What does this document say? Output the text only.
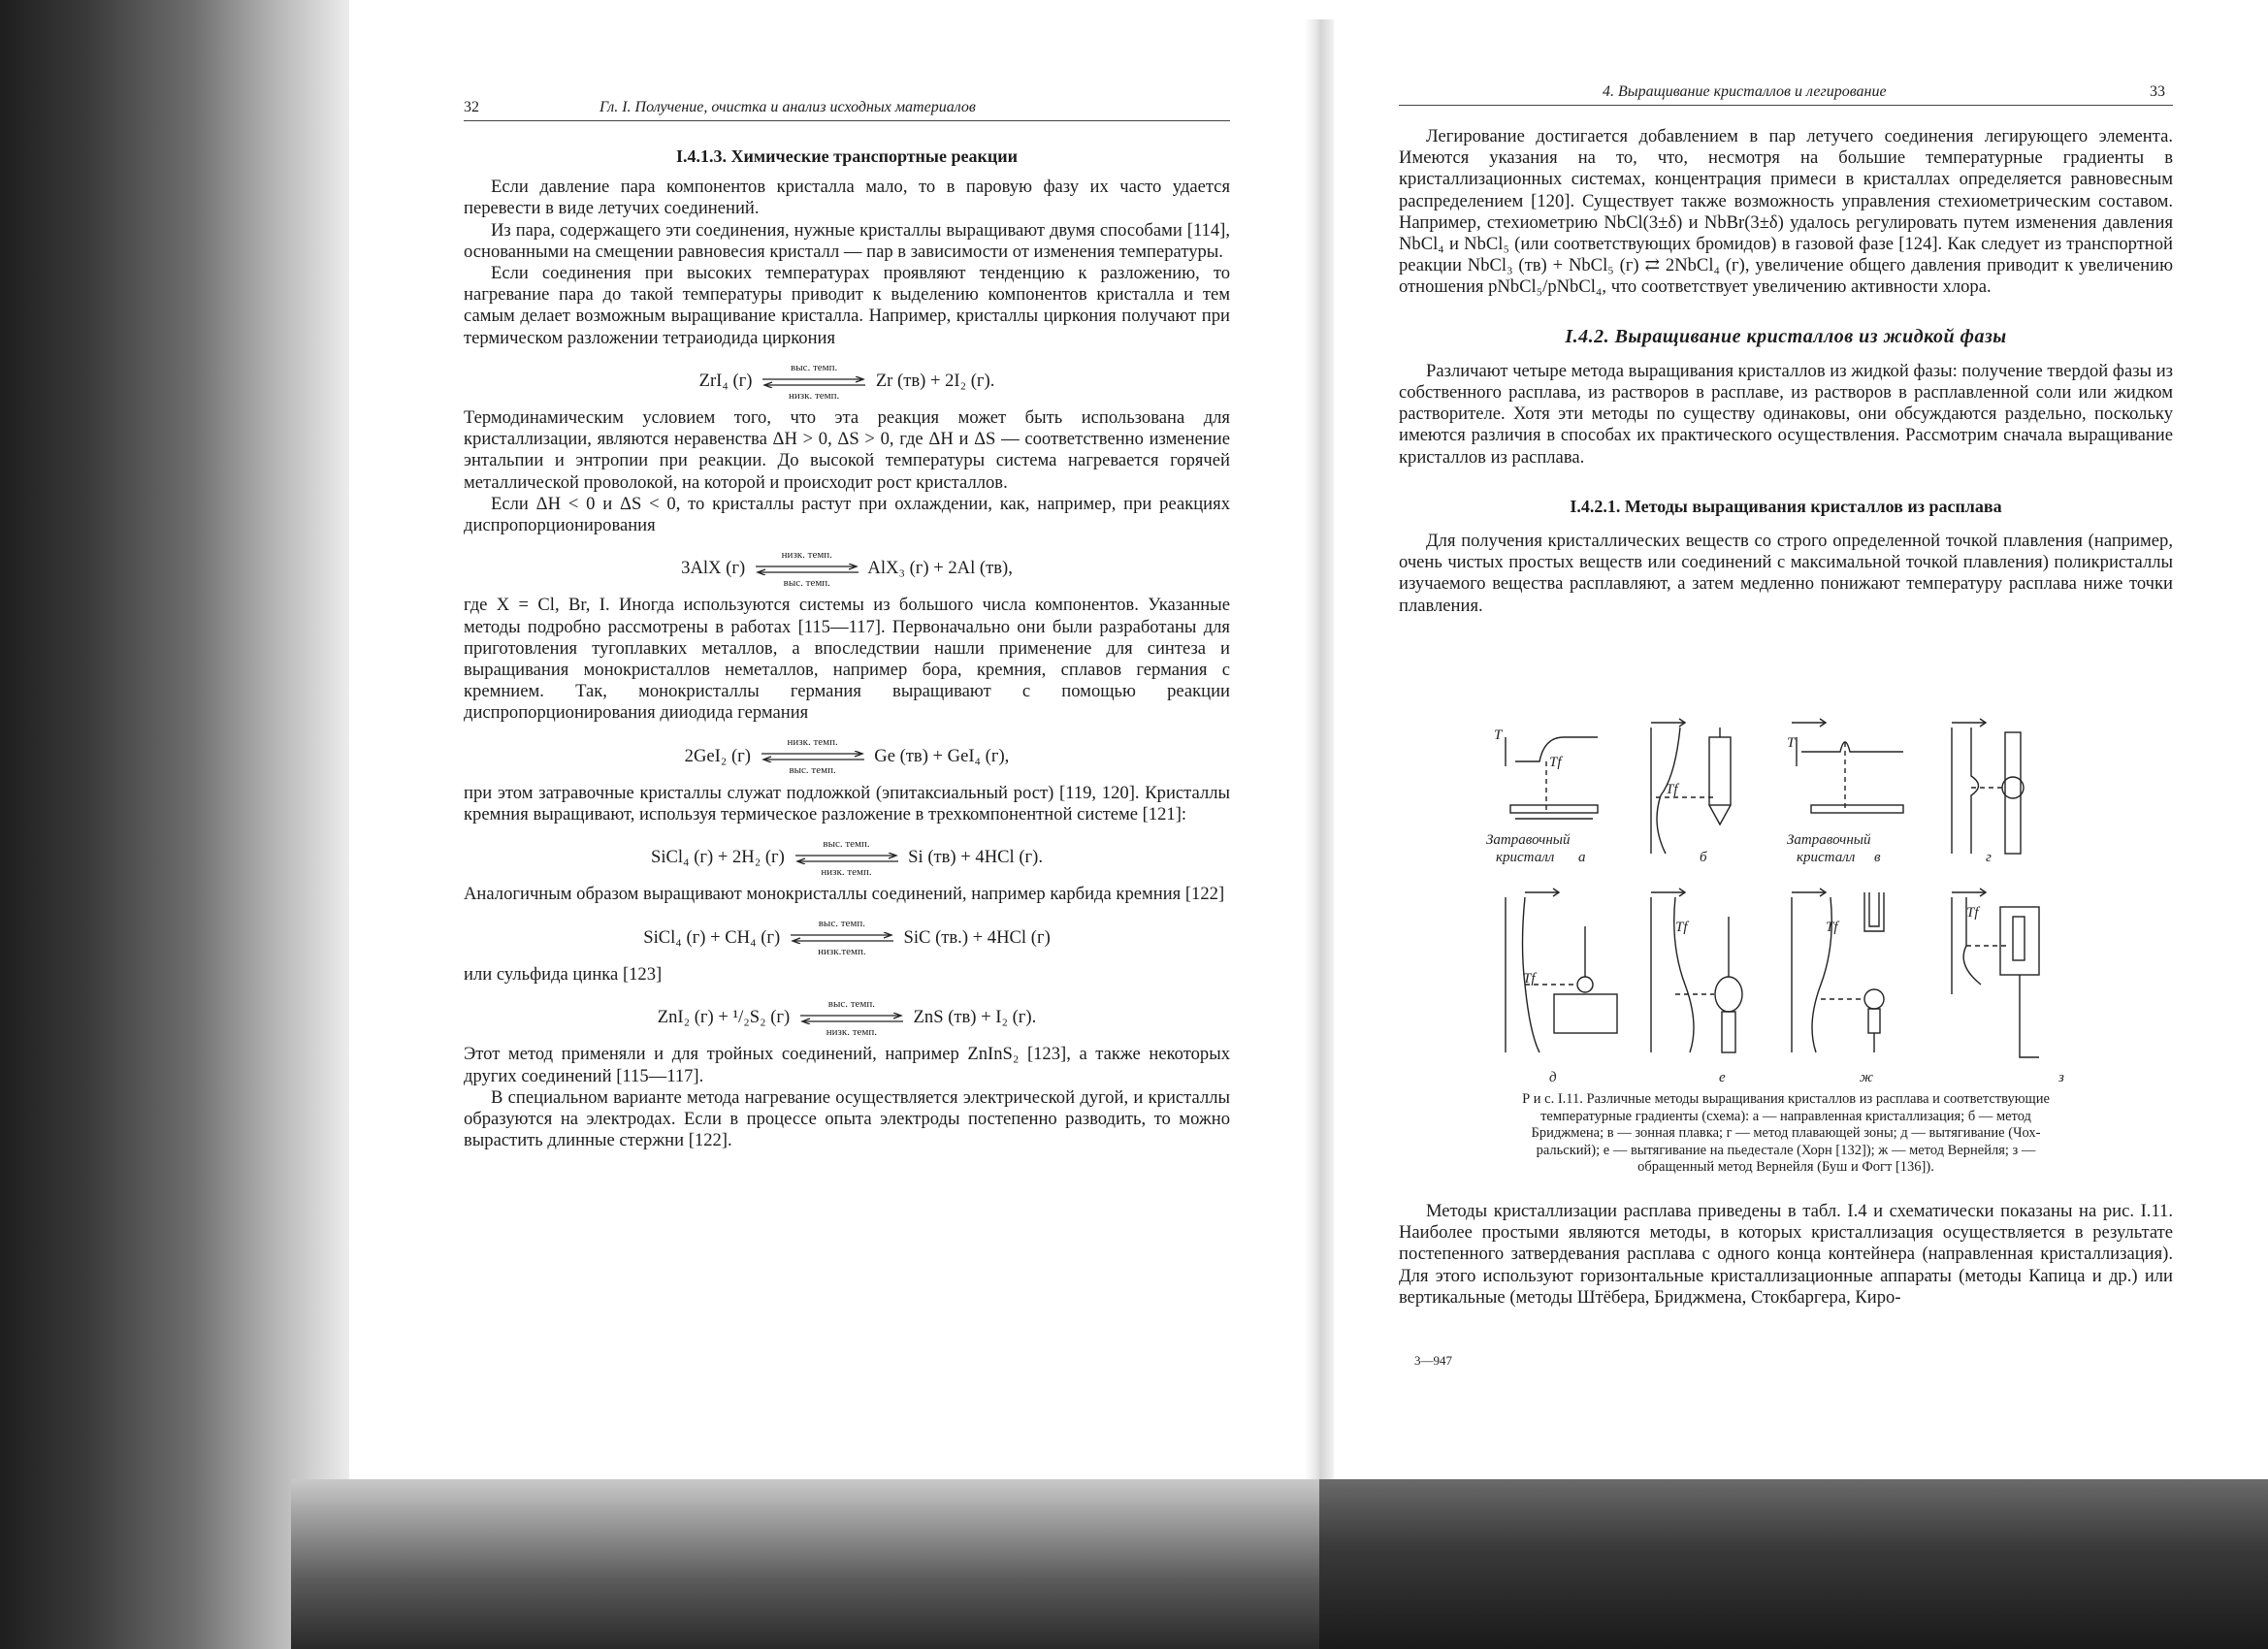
32	Гл. I. Получение, очистка и анализ исходных материалов
I.4.1.3. Химические транспортные реакции

Если давление пара компонентов кристалла мало, то в паровую фазу их часто удается перевести в виде летучих соединений.

Из пара, содержащего эти соединения, нужные кристаллы выращивают двумя способами [114], основанными на смещении равновесия кристалл — пар в зависимости от изменения температуры.

Если соединения при высоких температурах проявляют тенденцию к разложению, то нагревание пара до такой температуры приводит к выделению компонентов кристалла и тем самым делает возможным выращивание кристалла. Например, кристаллы циркония получают при термическом разложении тетраиодида циркония

ZrI₄ (г)
выс. темп.
низк. темп.
Zr (тв) + 2I₂ (г).

Термодинамическим условием того, что эта реакция может быть использована для кристаллизации, являются неравенства ΔH > 0, ΔS > 0, где ΔH и ΔS — соответственно изменение энтальпии и энтропии при реакции. До высокой температуры система нагревается горячей металлической проволокой, на которой и происходит рост кристаллов.

Если ΔH < 0 и ΔS < 0, то кристаллы растут при охлаждении, как, например, при реакциях диспропорционирования

3AlX (г)
низк. темп.
выс. темп.
AlX₃ (г) + 2Al (тв),

где X = Cl, Br, I. Иногда используются системы из большого числа компонентов. Указанные методы подробно рассмотрены в работах [115—117]. Первоначально они были разработаны для приготовления тугоплавких металлов, а впоследствии нашли применение для синтеза и выращивания монокристаллов неметаллов, например бора, кремния, сплавов германия с кремнием. Так, монокристаллы германия выращивают с помощью реакции диспропорционирования дииодида германия

2GeI₂ (г)
низк. темп.
выс. темп.
Ge (тв) + GeI₄ (г),

при этом затравочные кристаллы служат подложкой (эпитаксиальный рост) [119, 120]. Кристаллы кремния выращивают, используя термическое разложение в трехкомпонентной системе [121]:

SiCl₄ (г) + 2H₂ (г)
выс. темп.
низк. темп.
Si (тв) + 4HCl (г).

Аналогичным образом выращивают монокристаллы соединений, например карбида кремния [122]

SiCl₄ (г) + CH₄ (г)
выс. темп.
низк.темп.
SiC (тв.) + 4HCl (г)

или сульфида цинка [123]

ZnI₂ (г) + ¹/₂S₂ (г)
выс. темп.
низк. темп.
ZnS (тв) + I₂ (г).

Этот метод применяли и для тройных соединений, например ZnInS₂ [123], а также некоторых других соединений [115—117].

В специальном варианте метода нагревание осуществляется электрической дугой, и кристаллы образуются на электродах. Если в процессе опыта электроды постепенно разводить, то можно вырастить длинные стержни [122].

4. Выращивание кристаллов и легирование	33

Легирование достигается добавлением в пар летучего соединения легирующего элемента. Имеются указания на то, что, несмотря на большие температурные градиенты в кристаллизационных системах, концентрация примеси в кристаллах определяется равновесным распределением [120]. Существует также возможность управления стехиометрическим составом. Например, стехиометрию NbCl(3±δ) и NbBr(3±δ) удалось регулировать путем изменения давления NbCl₄ и NbCl₅ (или соответствующих бромидов) в газовой фазе [124]. Как следует из транспортной реакции NbCl₃ (тв) + NbCl₅ (г) ⇄ 2NbCl₄ (г), увеличение общего давления приводит к увеличению отношения pNbCl₅/pNbCl₄, что соответствует увеличению активности хлора.

I.4.2. Выращивание кристаллов из жидкой фазы

Различают четыре метода выращивания кристаллов из жидкой фазы: получение твердой фазы из собственного расплава, из растворов в расплаве, из растворов в расплавленной соли или жидком растворителе. Хотя эти методы по существу одинаковы, они обсуждаются раздельно, поскольку имеются различия в способах их практического осуществления. Рассмотрим сначала выращивание кристаллов из расплава.

I.4.2.1. Методы выращивания кристаллов из расплава

Для получения кристаллических веществ со строго определенной точкой плавления (например, очень чистых простых веществ или соединений с максимальной точкой плавления) поликристаллы изучаемого вещества расплавляют, а затем медленно понижают температуру расплава ниже точки плавления.

T
Tf
Затравочный
кристалл а
Tf
б
T
Затравочный
кристалл в	г
Tf
д
Tf
е
Tf
ж
Tf
з
Р и с. I.11. Различные методы выращивания кристаллов из расплава и соответствующие
температурные градиенты (схема): а — направленная кристаллизация; б — метод
Бриджмена; в — зонная плавка; г — метод плавающей зоны; д — вытягивание (Чох-
ральский); е — вытягивание на пьедестале (Хорн [132]); ж — метод Вернейля; з —
обращенный метод Вернейля (Буш и Фогт [136]).

Методы кристаллизации расплава приведены в табл. I.4 и схематически показаны на рис. I.11. Наиболее простыми являются методы, в которых кристаллизация осуществляется в результате постепенного затвердевания расплава с одного конца контейнера (направленная кристаллизация). Для этого используют горизонтальные кристаллизационные аппараты (методы Капица и др.) или вертикальные (методы Штёбера, Бриджмена, Стокбаргера, Киро-

3—947
